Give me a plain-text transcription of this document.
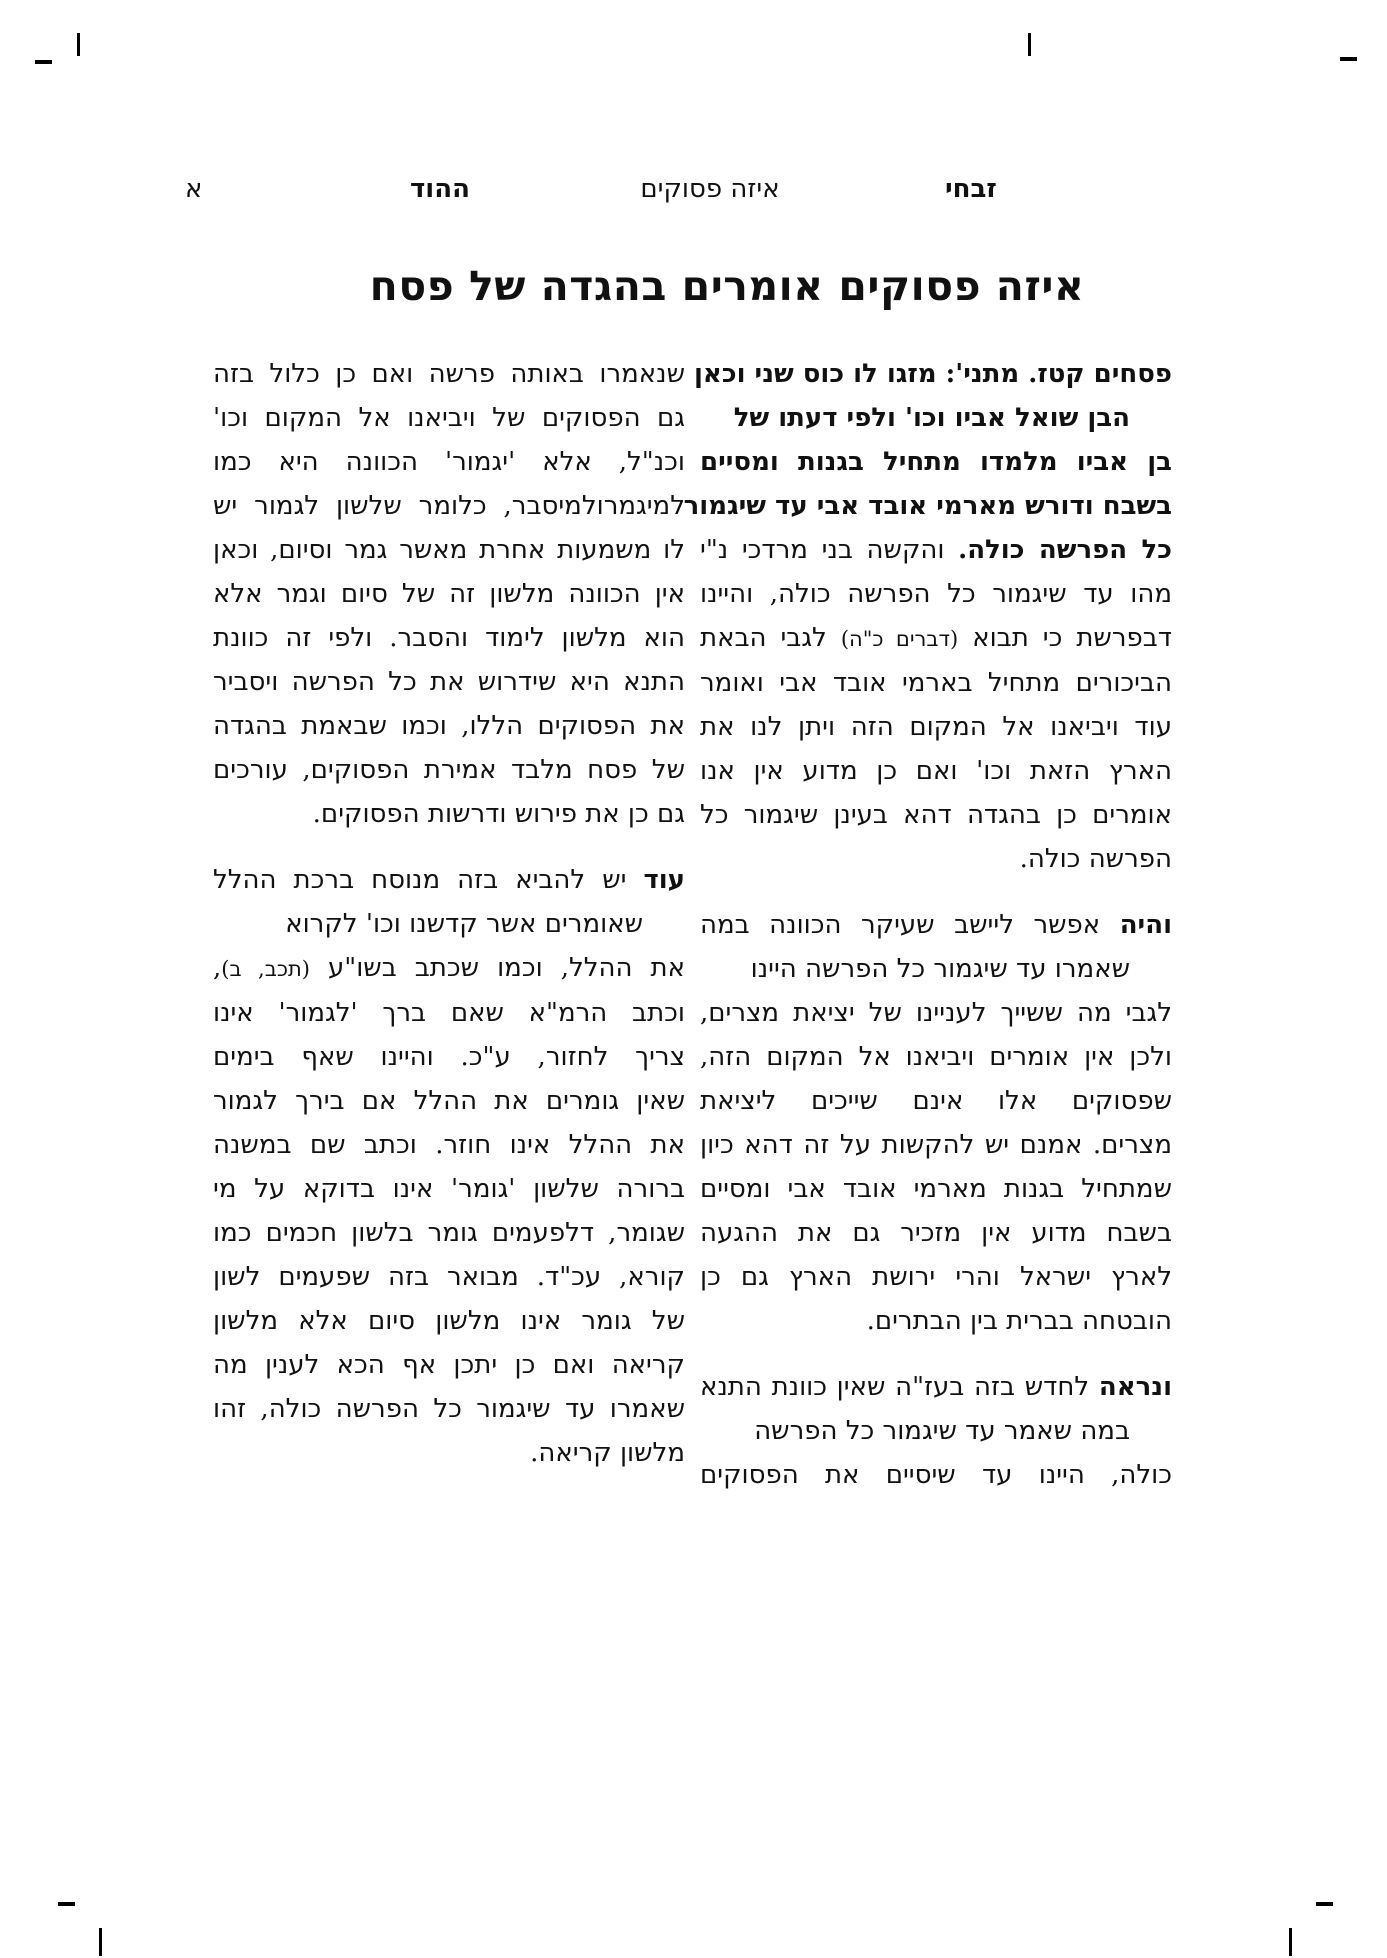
זבחי
איזה פסוקים
ההוד
א
איזה פסוקים אומרים בהגדה של פסח
פסחים קטז. מתני': מזגו לו כוס שני וכאן
הבן שואל אביו וכו' ולפי דעתו של
בן אביו מלמדו מתחיל בגנות ומסיים
בשבח ודורש מארמי אובד אבי עד שיגמור
כל הפרשה כולה. והקשה בני מרדכי נ"י
מהו עד שיגמור כל הפרשה כולה, והיינו
דבפרשת כי תבוא (דברים כ"ה) לגבי הבאת
הביכורים מתחיל בארמי אובד אבי ואומר
עוד ויביאנו אל המקום הזה ויתן לנו את
הארץ הזאת וכו' ואם כן מדוע אין אנו
אומרים כן בהגדה דהא בעינן שיגמור כל
הפרשה כולה.
והיה אפשר ליישב שעיקר הכוונה במה
שאמרו עד שיגמור כל הפרשה היינו
לגבי מה ששייך לעניינו של יציאת מצרים,
ולכן אין אומרים ויביאנו אל המקום הזה,
שפסוקים אלו אינם שייכים ליציאת
מצרים. אמנם יש להקשות על זה דהא כיון
שמתחיל בגנות מארמי אובד אבי ומסיים
בשבח מדוע אין מזכיר גם את ההגעה
לארץ ישראל והרי ירושת הארץ גם כן
הובטחה בברית בין הבתרים.
ונראה לחדש בזה בעז"ה שאין כוונת התנא
במה שאמר עד שיגמור כל הפרשה
כולה, היינו עד שיסיים את הפסוקים
שנאמרו באותה פרשה ואם כן כלול בזה
גם הפסוקים של ויביאנו אל המקום וכו'
וכנ"ל, אלא 'יגמור' הכוונה היא כמו
למיגמרולמיסבר, כלומר שלשון לגמור יש
לו משמעות אחרת מאשר גמר וסיום, וכאן
אין הכוונה מלשון זה של סיום וגמר אלא
הוא מלשון לימוד והסבר. ולפי זה כוונת
התנא היא שידרוש את כל הפרשה ויסביר
את הפסוקים הללו, וכמו שבאמת בהגדה
של פסח מלבד אמירת הפסוקים, עורכים
גם כן את פירוש ודרשות הפסוקים.
עוד יש להביא בזה מנוסח ברכת ההלל
שאומרים אשר קדשנו וכו' לקרוא
את ההלל, וכמו שכתב בשו"ע (תכב, ב),
וכתב הרמ"א שאם ברך 'לגמור' אינו
צריך לחזור, ע"כ. והיינו שאף בימים
שאין גומרים את ההלל אם בירך לגמור
את ההלל אינו חוזר. וכתב שם במשנה
ברורה שלשון 'גומר' אינו בדוקא על מי
שגומר, דלפעמים גומר בלשון חכמים כמו
קורא, עכ"ד. מבואר בזה שפעמים לשון
של גומר אינו מלשון סיום אלא מלשון
קריאה ואם כן יתכן אף הכא לענין מה
שאמרו עד שיגמור כל הפרשה כולה, זהו
מלשון קריאה.
